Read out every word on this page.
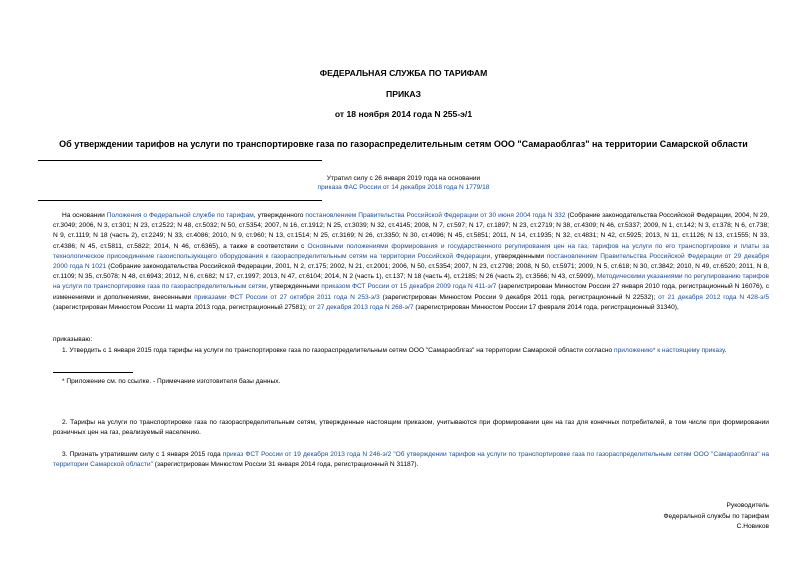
ФЕДЕРАЛЬНАЯ СЛУЖБА ПО ТАРИФАМ
ПРИКАЗ
от 18 ноября 2014 года N 255-э/1
Об утверждении тарифов на услуги по транспортировке газа по газораспределительным сетям ООО "Самараоблгаз" на территории Самарской области
Утратил силу с 26 января 2019 года на основании
приказа ФАС России от 14 декабря 2018 года N 1779/18
На основании Положения о Федеральной службе по тарифам, утвержденного постановлением Правительства Российской Федерации от 30 июня 2004 года N 332 (Собрание законодательства Российской Федерации, 2004, N 29, ст.3049; 2006, N 3, ст.301; N 23, ст.2522; N 48, ст.5032; N 50, ст.5354; 2007, N 16, ст.1912; N 25, ст.3039; N 32, ст.4145; 2008, N 7, ст.597; N 17, ст.1897; N 23, ст.2719; N 38, ст.4309; N 46, ст.5337; 2009, N 1, ст.142; N 3, ст.378; N 6, ст.738; N 9, ст.1119; N 18 (часть 2), ст.2249; N 33, ст.4086; 2010, N 9, ст.960; N 13, ст.1514; N 25, ст.3169; N 26, ст.3350; N 30, ст.4096; N 45, ст.5851; 2011, N 14, ст.1935; N 32, ст.4831; N 42, ст.5925; 2013, N 11, ст.1126; N 13, ст.1555; N 33, ст.4386; N 45, ст.5811, ст.5822; 2014, N 46, ст.6365), а также в соответствии с Основными положениями формирования и государственного регулирования цен на газ, тарифов на услуги по его транспортировке и платы за технологическое присоединение газоиспользующего оборудования к газораспределительным сетям на территории Российской Федерации, утвержденными постановлением Правительства Российской Федерации от 29 декабря 2000 года N 1021 (Собрание законодательства Российской Федерации, 2001, N 2, ст.175; 2002, N 21, ст.2001; 2006, N 50, ст.5354; 2007, N 23, ст.2798; 2008, N 50, ст.5971; 2009, N 5, ст.618; N 30, ст.3842; 2010, N 49, ст.6520; 2011, N 8, ст.1109; N 35, ст.5078; N 48, ст.6943; 2012, N 6, ст.682; N 17, ст.1997; 2013, N 47, ст.6104; 2014, N 2 (часть 1), ст.137; N 18 (часть 4), ст.2185; N 26 (часть 2), ст.3566; N 43, ст.5909), Методическими указаниями по регулированию тарифов на услуги по транспортировке газа по газораспределительным сетям, утвержденными приказом ФСТ России от 15 декабря 2009 года N 411-э/7 (зарегистрирован Минюстом России 27 января 2010 года, регистрационный N 16076), с изменениями и дополнениями, внесенными приказами ФСТ России от 27 октября 2011 года N 253-э/3 (зарегистрирован Минюстом России 9 декабря 2011 года, регистрационный N 22532); от 21 декабря 2012 года N 428-э/5 (зарегистрирован Минюстом России 11 марта 2013 года, регистрационный 27581); от 27 декабря 2013 года N 268-э/7 (зарегистрирован Минюстом России 17 февраля 2014 года, регистрационный 31340),
приказываю:
1. Утвердить с 1 января 2015 года тарифы на услуги по транспортировке газа по газораспределительным сетям ООО "Самараоблгаз" на территории Самарской области согласно приложению* к настоящему приказу.
* Приложение см. по ссылке. - Примечание изготовителя базы данных.
2. Тарифы на услуги по транспортировке газа по газораспределительным сетям, утвержденные настоящим приказом, учитываются при формировании цен на газ для конечных потребителей, в том числе при формировании розничных цен на газ, реализуемый населению.
3. Признать утратившим силу с 1 января 2015 года приказ ФСТ России от 19 декабря 2013 года N 246-э/2 "Об утверждении тарифов на услуги по транспортировке газа по газораспределительным сетям ООО "Самараоблгаз" на территории Самарской области" (зарегистрирован Минюстом России 31 января 2014 года, регистрационный N 31187).
Руководитель
Федеральной службы по тарифам
С.Новиков
